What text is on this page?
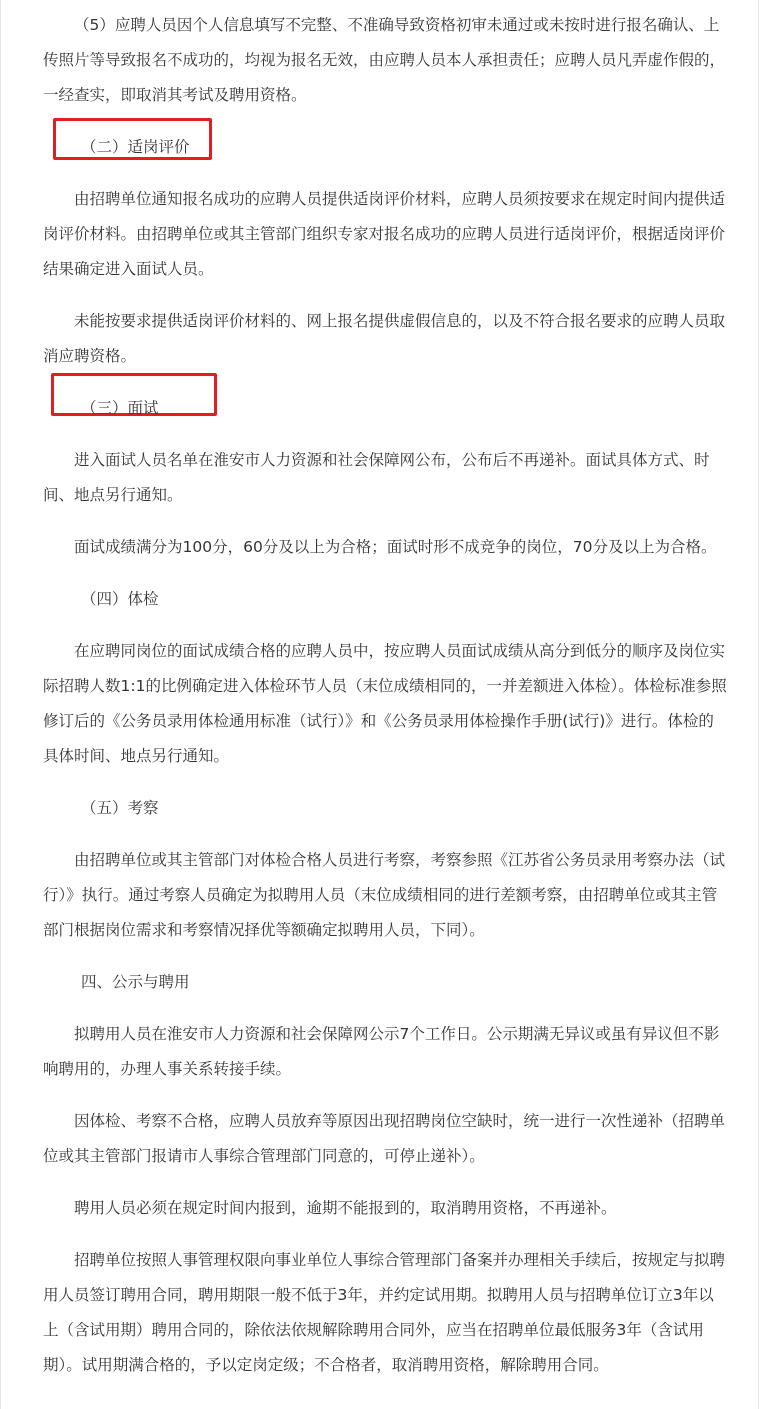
（5）应聘人员因个人信息填写不完整、不准确导致资格初审未通过或未按时进行报名确认、上传照片等导致报名不成功的，均视为报名无效，由应聘人员本人承担责任；应聘人员凡弄虚作假的，一经查实，即取消其考试及聘用资格。

（二）适岗评价

由招聘单位通知报名成功的应聘人员提供适岗评价材料，应聘人员须按要求在规定时间内提供适岗评价材料。由招聘单位或其主管部门组织专家对报名成功的应聘人员进行适岗评价，根据适岗评价结果确定进入面试人员。

未能按要求提供适岗评价材料的、网上报名提供虚假信息的，以及不符合报名要求的应聘人员取消应聘资格。

（三）面试

进入面试人员名单在淮安市人力资源和社会保障网公布，公布后不再递补。面试具体方式、时间、地点另行通知。

面试成绩满分为100分，60分及以上为合格；面试时形不成竞争的岗位，70分及以上为合格。

（四）体检

在应聘同岗位的面试成绩合格的应聘人员中，按应聘人员面试成绩从高分到低分的顺序及岗位实际招聘人数1:1的比例确定进入体检环节人员（末位成绩相同的，一并差额进入体检）。体检标准参照修订后的《公务员录用体检通用标准（试行）》和《公务员录用体检操作手册(试行)》进行。体检的具体时间、地点另行通知。

（五）考察

由招聘单位或其主管部门对体检合格人员进行考察，考察参照《江苏省公务员录用考察办法（试行）》执行。通过考察人员确定为拟聘用人员（末位成绩相同的进行差额考察，由招聘单位或其主管部门根据岗位需求和考察情况择优等额确定拟聘用人员，下同）。

四、公示与聘用

拟聘用人员在淮安市人力资源和社会保障网公示7个工作日。公示期满无异议或虽有异议但不影响聘用的，办理人事关系转接手续。

因体检、考察不合格，应聘人员放弃等原因出现招聘岗位空缺时，统一进行一次性递补（招聘单位或其主管部门报请市人事综合管理部门同意的，可停止递补）。

聘用人员必须在规定时间内报到，逾期不能报到的，取消聘用资格，不再递补。

招聘单位按照人事管理权限向事业单位人事综合管理部门备案并办理相关手续后，按规定与拟聘用人员签订聘用合同，聘用期限一般不低于3年，并约定试用期。拟聘用人员与招聘单位订立3年以上（含试用期）聘用合同的，除依法依规解除聘用合同外，应当在招聘单位最低服务3年（含试用期）。试用期满合格的，予以定岗定级；不合格者，取消聘用资格，解除聘用合同。
